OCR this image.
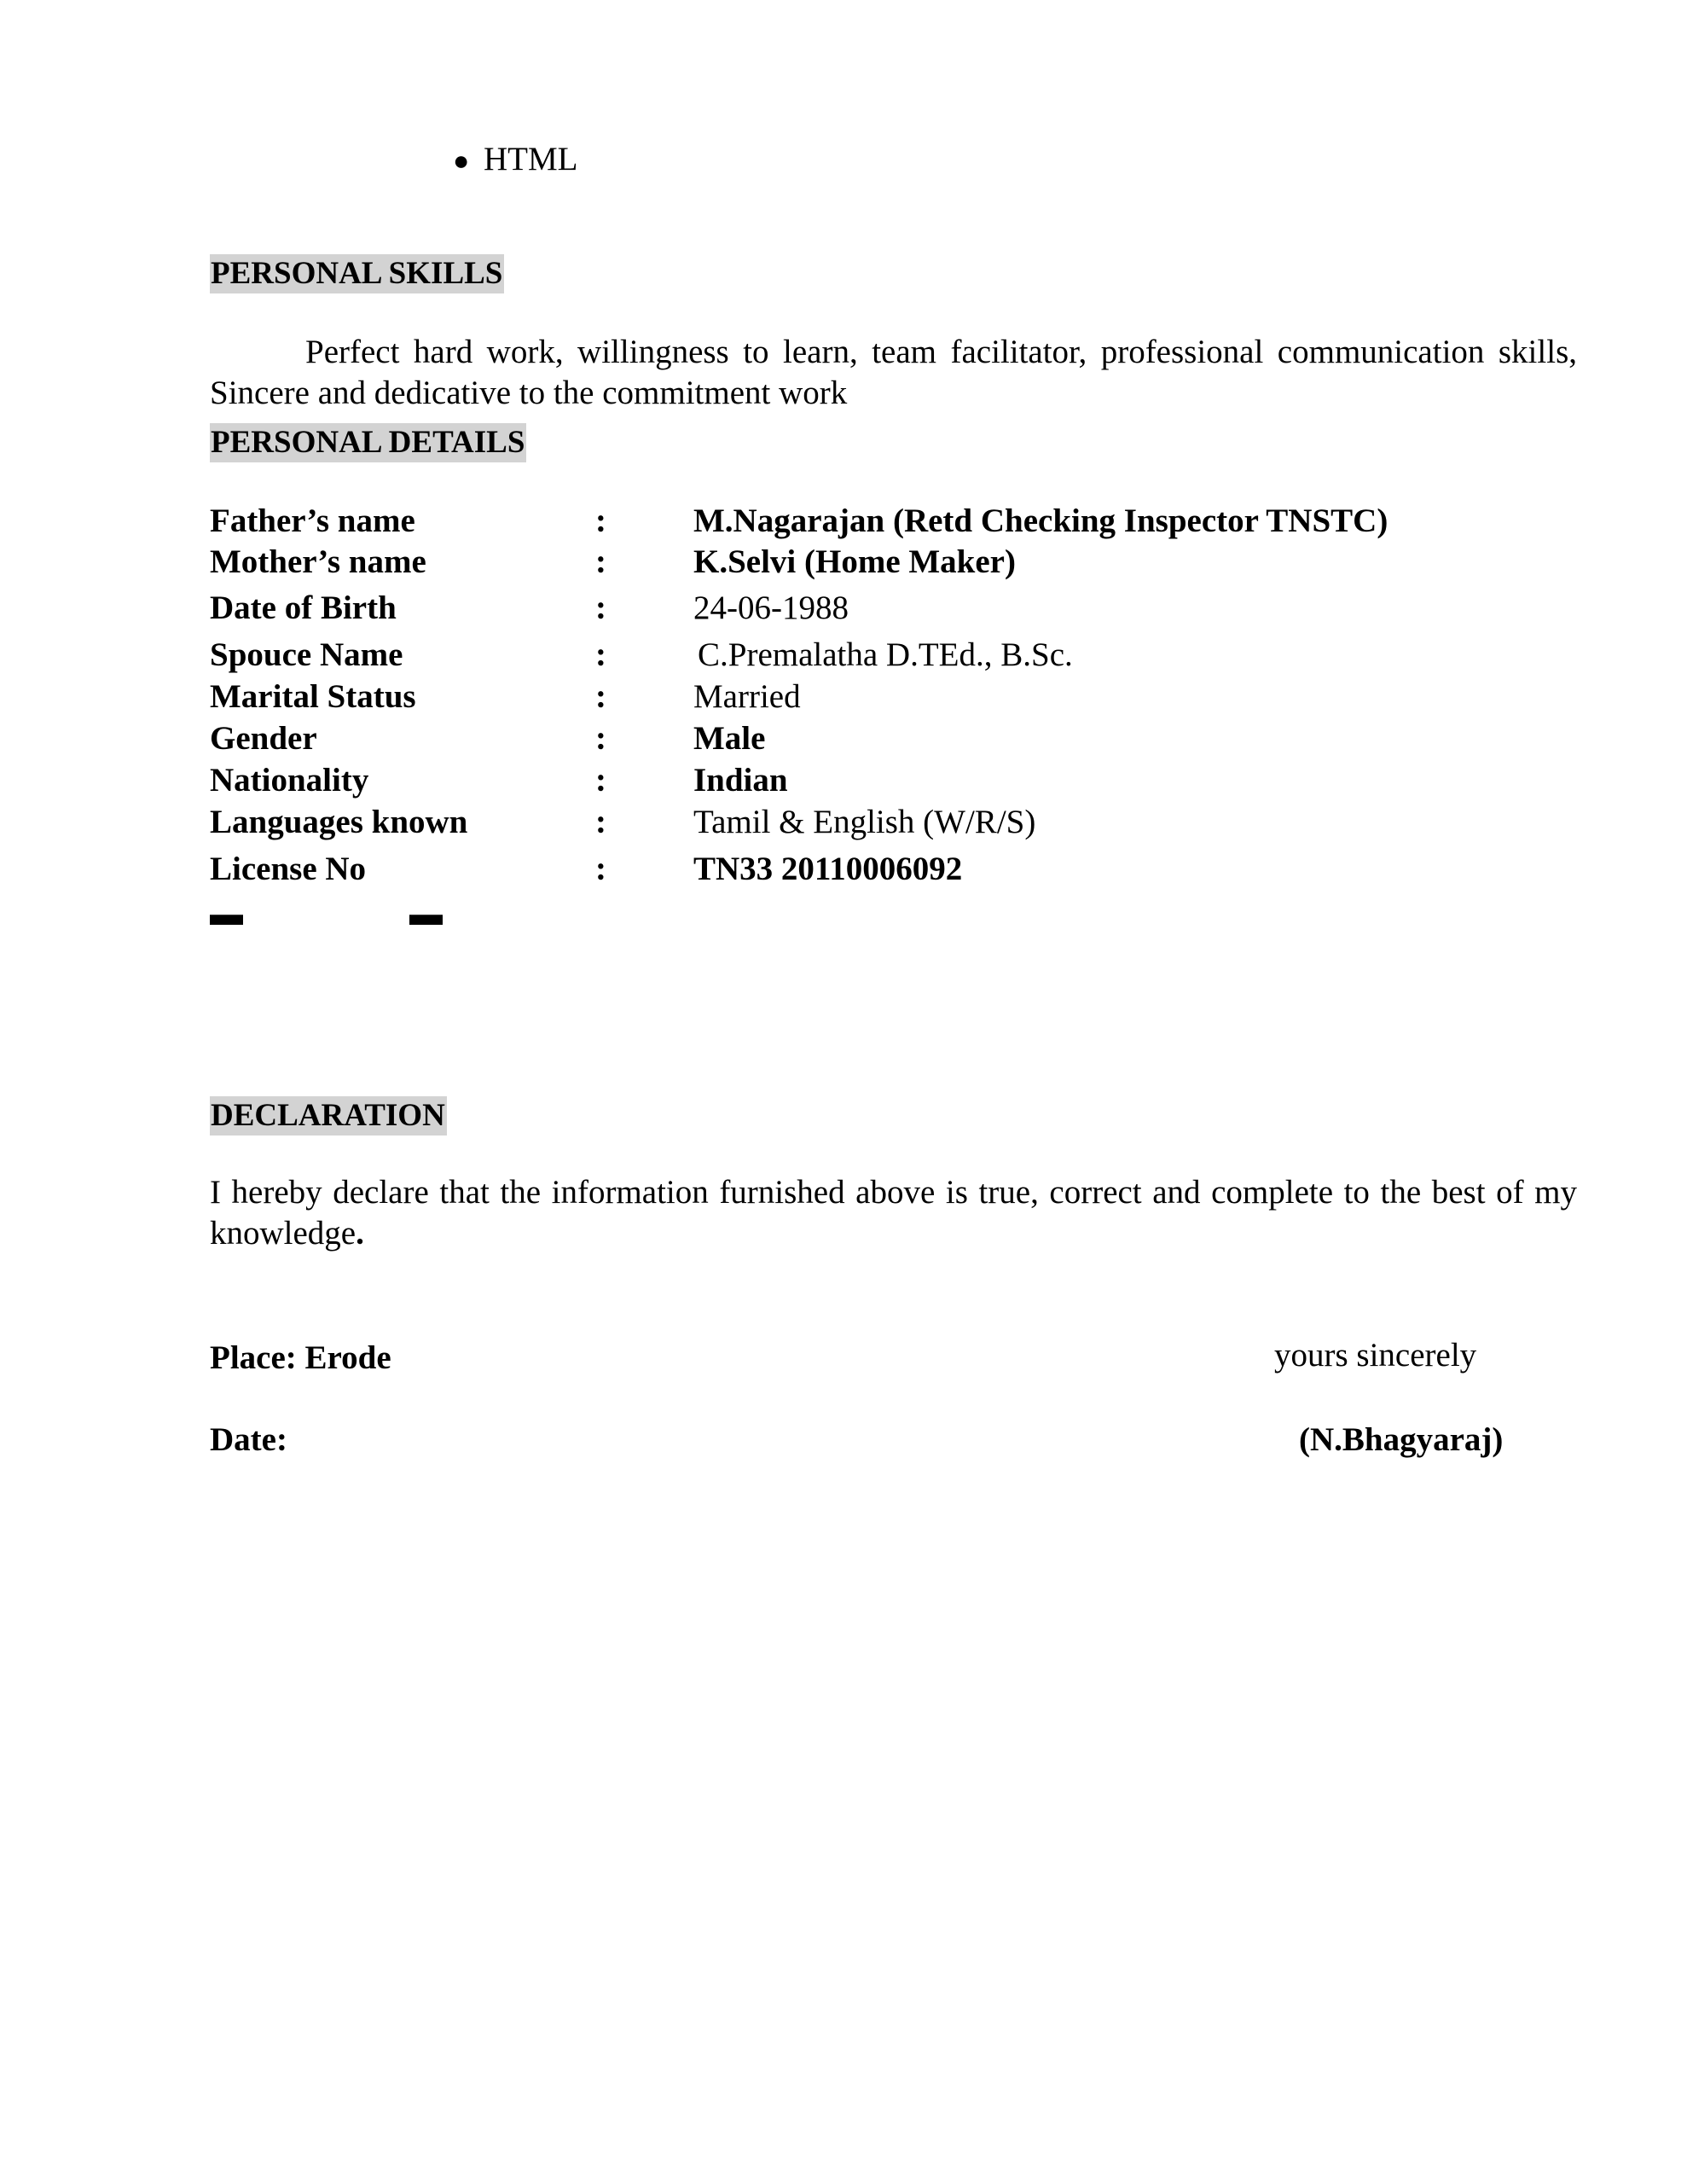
● HTML
PERSONAL SKILLS
Perfect hard work, willingness to learn, team facilitator, professional communication skills, Sincere and dedicative to the commitment work
PERSONAL DETAILS
Father’s name	:	M.Nagarajan (Retd Checking Inspector TNSTC)
Mother’s name	:	K.Selvi (Home Maker)
Date of Birth	:	24-06-1988
Spouce Name	:	C.Premalatha D.TEd., B.Sc.
Marital Status	:	Married
Gender	:	Male
Nationality	:	Indian
Languages known	:	Tamil & English (W/R/S)
License No	:	TN33 20110006092
▬     ▬
DECLARATION
I hereby declare that the information furnished above is true, correct and complete to the best of my knowledge.
Place: Erode	yours sincerely
Date:	(N.Bhagyaraj)
